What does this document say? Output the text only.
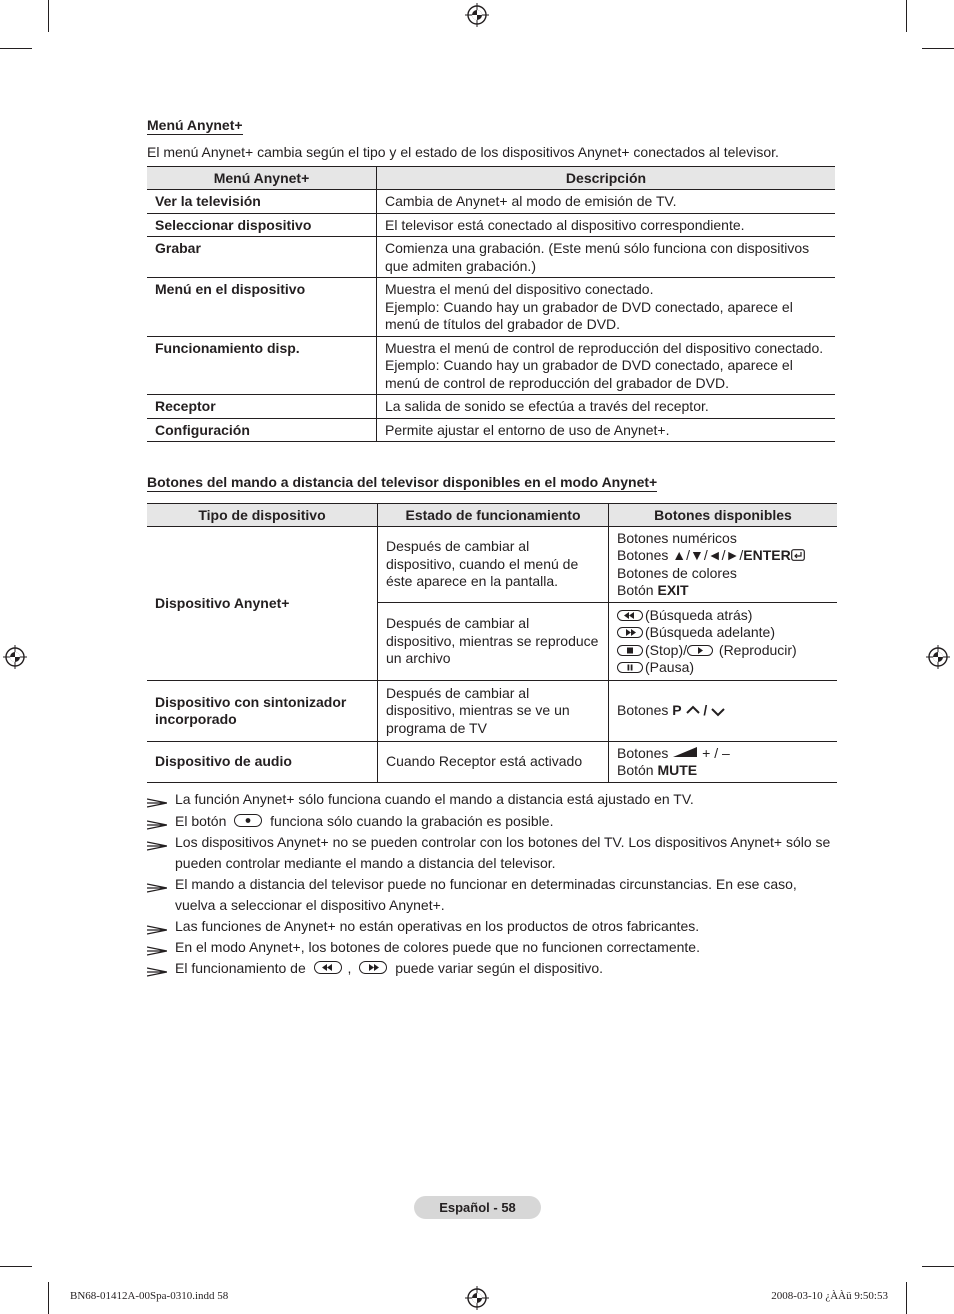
Menú Anynet+
El menú Anynet+ cambia según el tipo y el estado de los dispositivos Anynet+ conectados al televisor.
Menú Anynet+	Descripción
Ver la televisión	Cambia de Anynet+ al modo de emisión de TV.
Seleccionar dispositivo	El televisor está conectado al dispositivo correspondiente.
Grabar	Comienza una grabación. (Este menú sólo funciona con dispositivos que admiten grabación.)
Menú en el dispositivo	Muestra el menú del dispositivo conectado.
Ejemplo: Cuando hay un grabador de DVD conectado, aparece el menú de títulos del grabador de DVD.

Funcionamiento disp.	Muestra el menú de control de reproducción del dispositivo conectado.
Ejemplo: Cuando hay un grabador de DVD conectado, aparece el menú de control de reproducción del grabador de DVD.

Receptor	La salida de sonido se efectúa a través del receptor.
Configuración	Permite ajustar el entorno de uso de Anynet+.
Botones del mando a distancia del televisor disponibles en el modo Anynet+
Tipo de dispositivo	Estado de funcionamiento	Botones disponibles
Dispositivo Anynet+	Después de cambiar al dispositivo, cuando el menú de éste aparece en la pantalla.	Botones numéricos
Botones ▲/▼/◄/►/ENTER
Botones de colores
Botón EXIT

	Después de cambiar al dispositivo, mientras se reproduce un archivo	(Búsqueda atrás)
(Búsqueda adelante)
(Stop)/
(Reproducir)
(Pausa)

Dispositivo con sintonizador incorporado	Después de cambiar al dispositivo, mientras se ve un programa de TV	Botones P  /
Dispositivo de audio	Cuando Receptor está activado	Botones  + / –
Botón MUTE
La función Anynet+ sólo funciona cuando el mando a distancia está ajustado en TV.
El botón	funciona sólo cuando la grabación es posible.
Los dispositivos Anynet+ no se pueden controlar con los botones del TV. Los dispositivos Anynet+ sólo se pueden controlar mediante el mando a distancia del televisor.
El mando a distancia del televisor puede no funcionar en determinadas circunstancias. En ese caso, vuelva a seleccionar el dispositivo Anynet+.
Las funciones de Anynet+ no están operativas en los productos de otros fabricantes.
En el modo Anynet+, los botones de colores puede que no funcionen correctamente.
El funcionamiento de
,	puede variar según el dispositivo.
Español - 58
BN68-01412A-00Spa-0310.indd 58	2008-03-10 ¿ÀÀü 9:50:53
